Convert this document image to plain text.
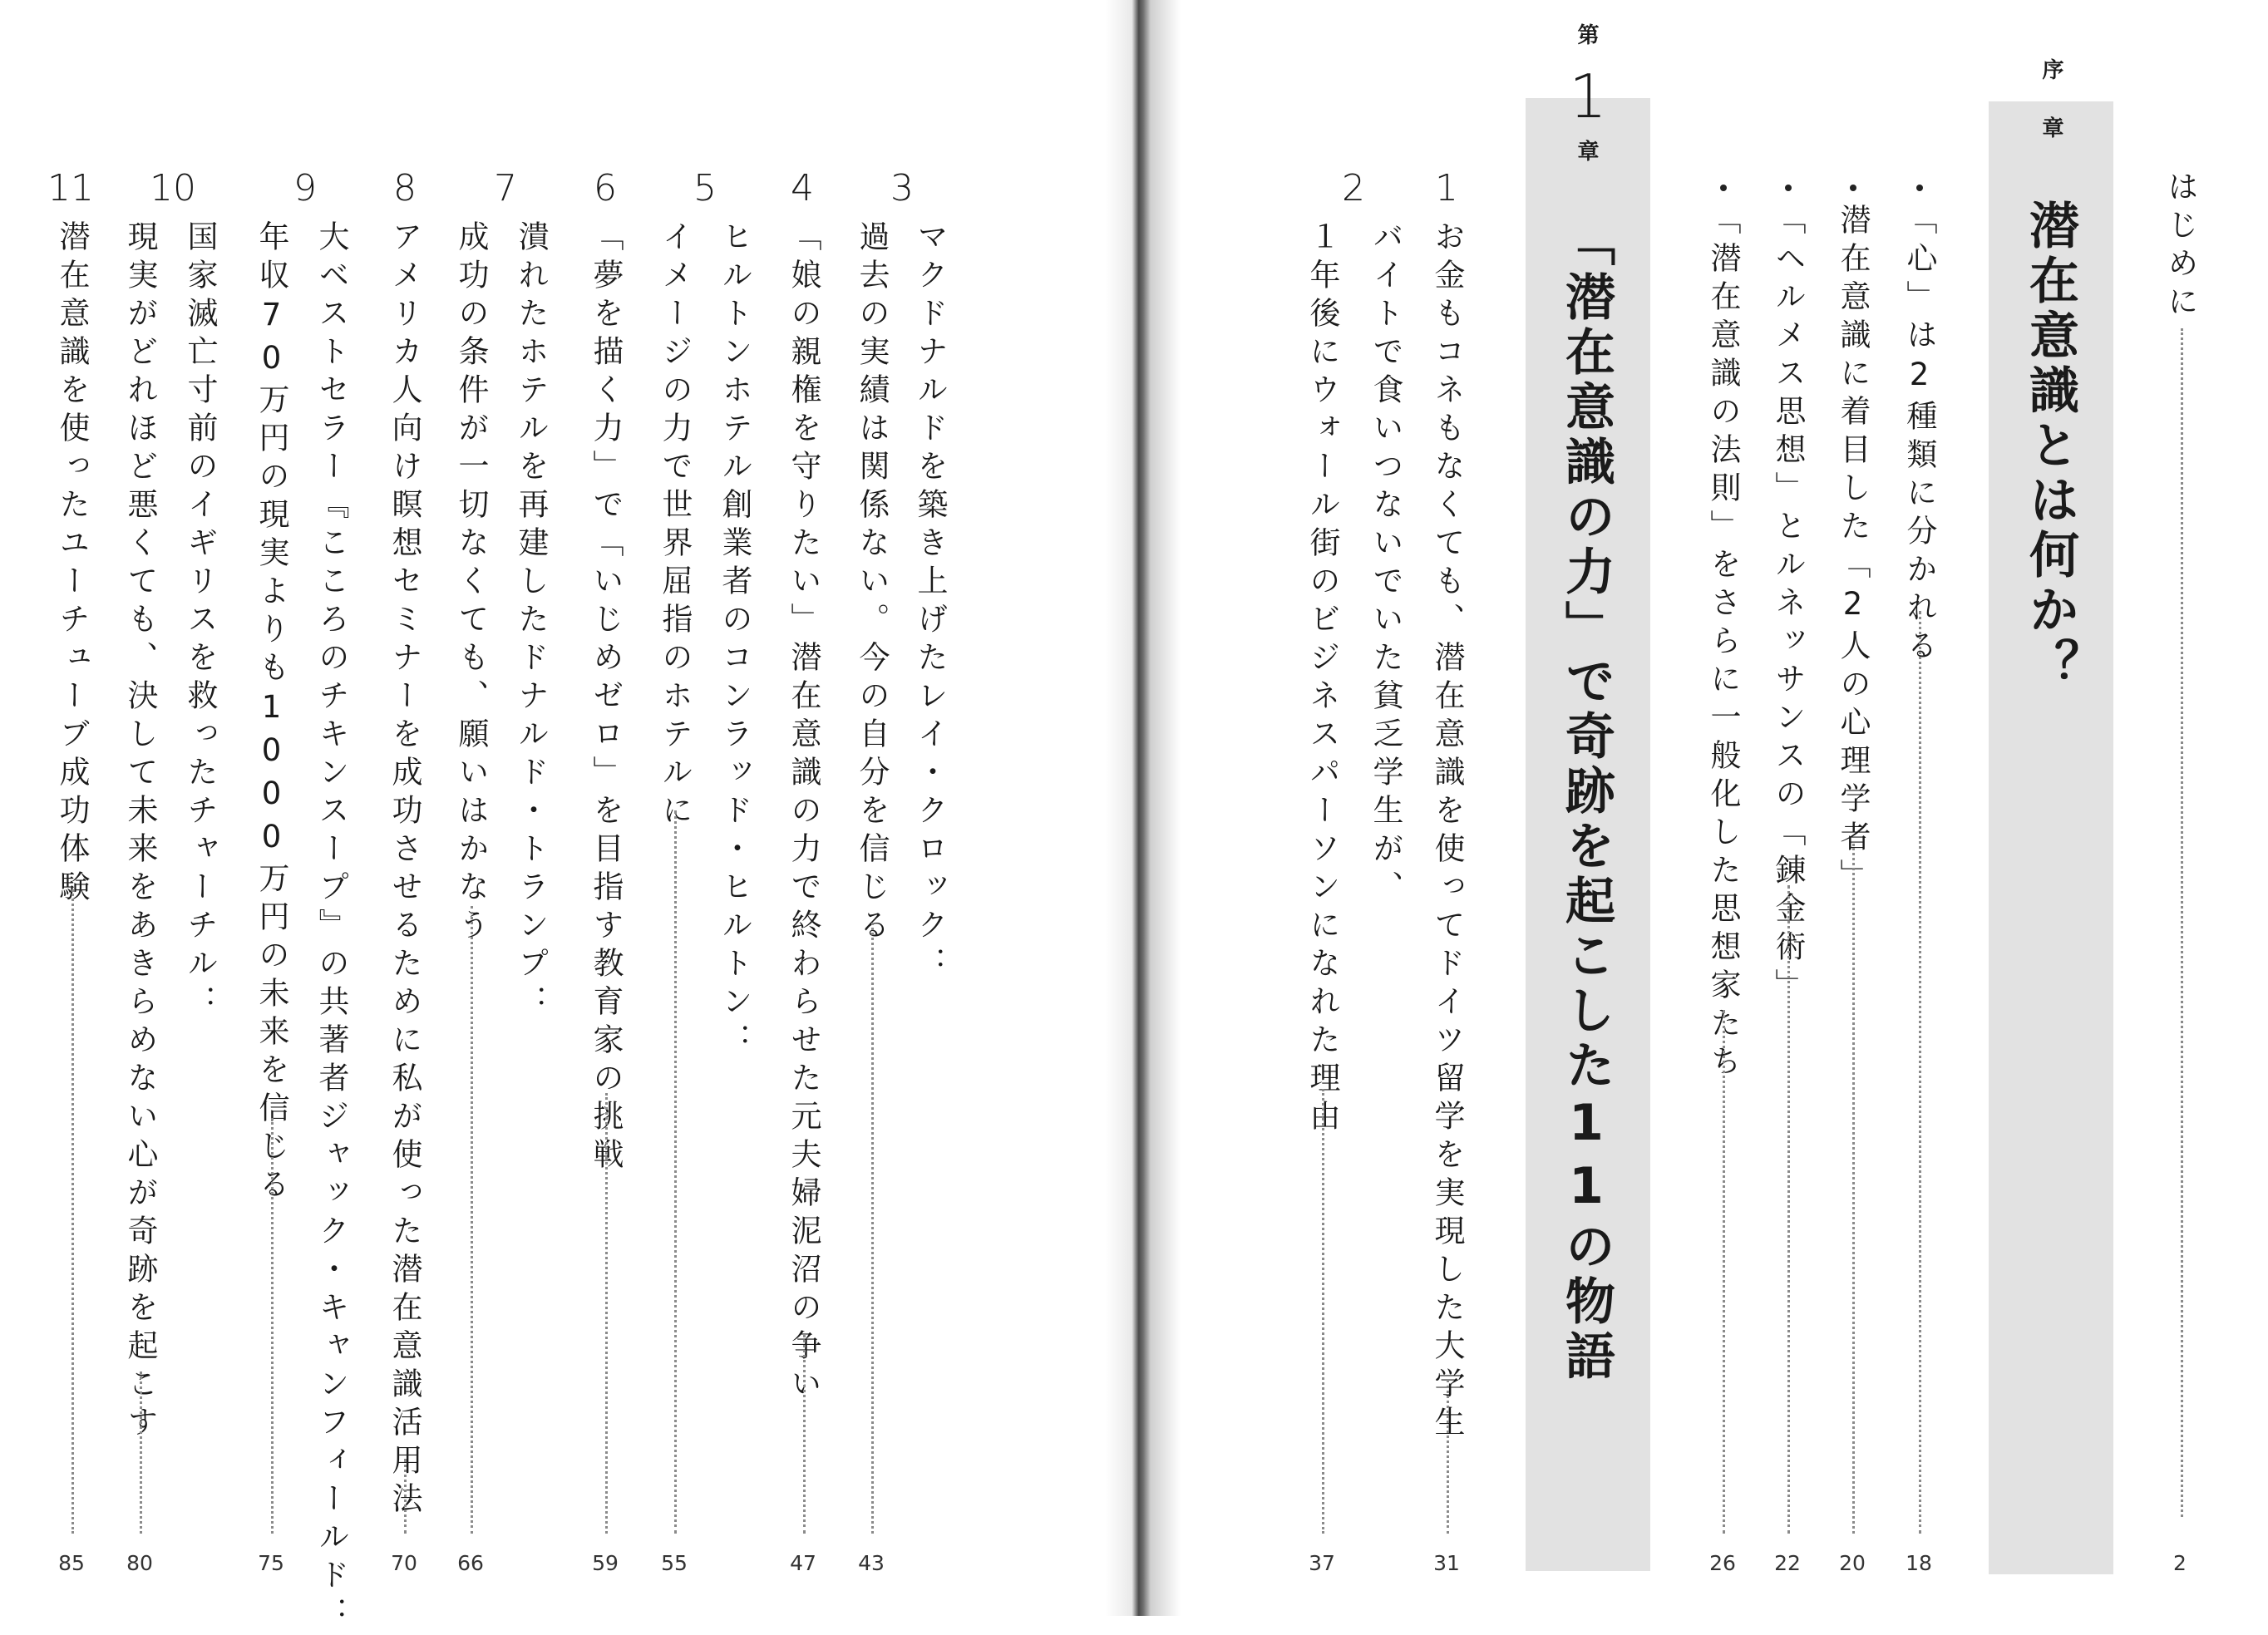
はじめに
2
序
章
潜在意識とは何か？
「心」は2種類に分かれる
18
潜在意識に着目した「2人の心理学者」
20
「ヘルメス思想」とルネッサンスの「錬金術」
22
「潜在意識の法則」をさらに一般化した思想家たち
26
第
1
章
「潜在意識の力」で奇跡を起こした11の物語
1
お金もコネもなくても、潜在意識を使ってドイツ留学を実現した大学生
31
2
バイトで食いつないでいた貧乏学生が、
１年後にウォール街のビジネスパーソンになれた理由
37
3
マクドナルドを築き上げたレイ・クロック：
過去の実績は関係ない。今の自分を信じる
43
4
「娘の親権を守りたい」潜在意識の力で終わらせた元夫婦泥沼の争い
47
5
ヒルトンホテル創業者のコンラッド・ヒルトン：
イメージの力で世界屈指のホテルに
55
6
「夢を描く力」で「いじめゼロ」を目指す教育家の挑戦
59
7
潰れたホテルを再建したドナルド・トランプ：
成功の条件が一切なくても、願いはかなう
66
8
アメリカ人向け瞑想セミナーを成功させるために私が使った潜在意識活用法
70
9
大ベストセラー『こころのチキンスープ』の共著者ジャック・キャンフィールド：
年収70万円の現実よりも1000万円の未来を信じる
75
10
国家滅亡寸前のイギリスを救ったチャーチル：
現実がどれほど悪くても、決して未来をあきらめない心が奇跡を起こす
80
11
潜在意識を使ったユーチューブ成功体験
85
